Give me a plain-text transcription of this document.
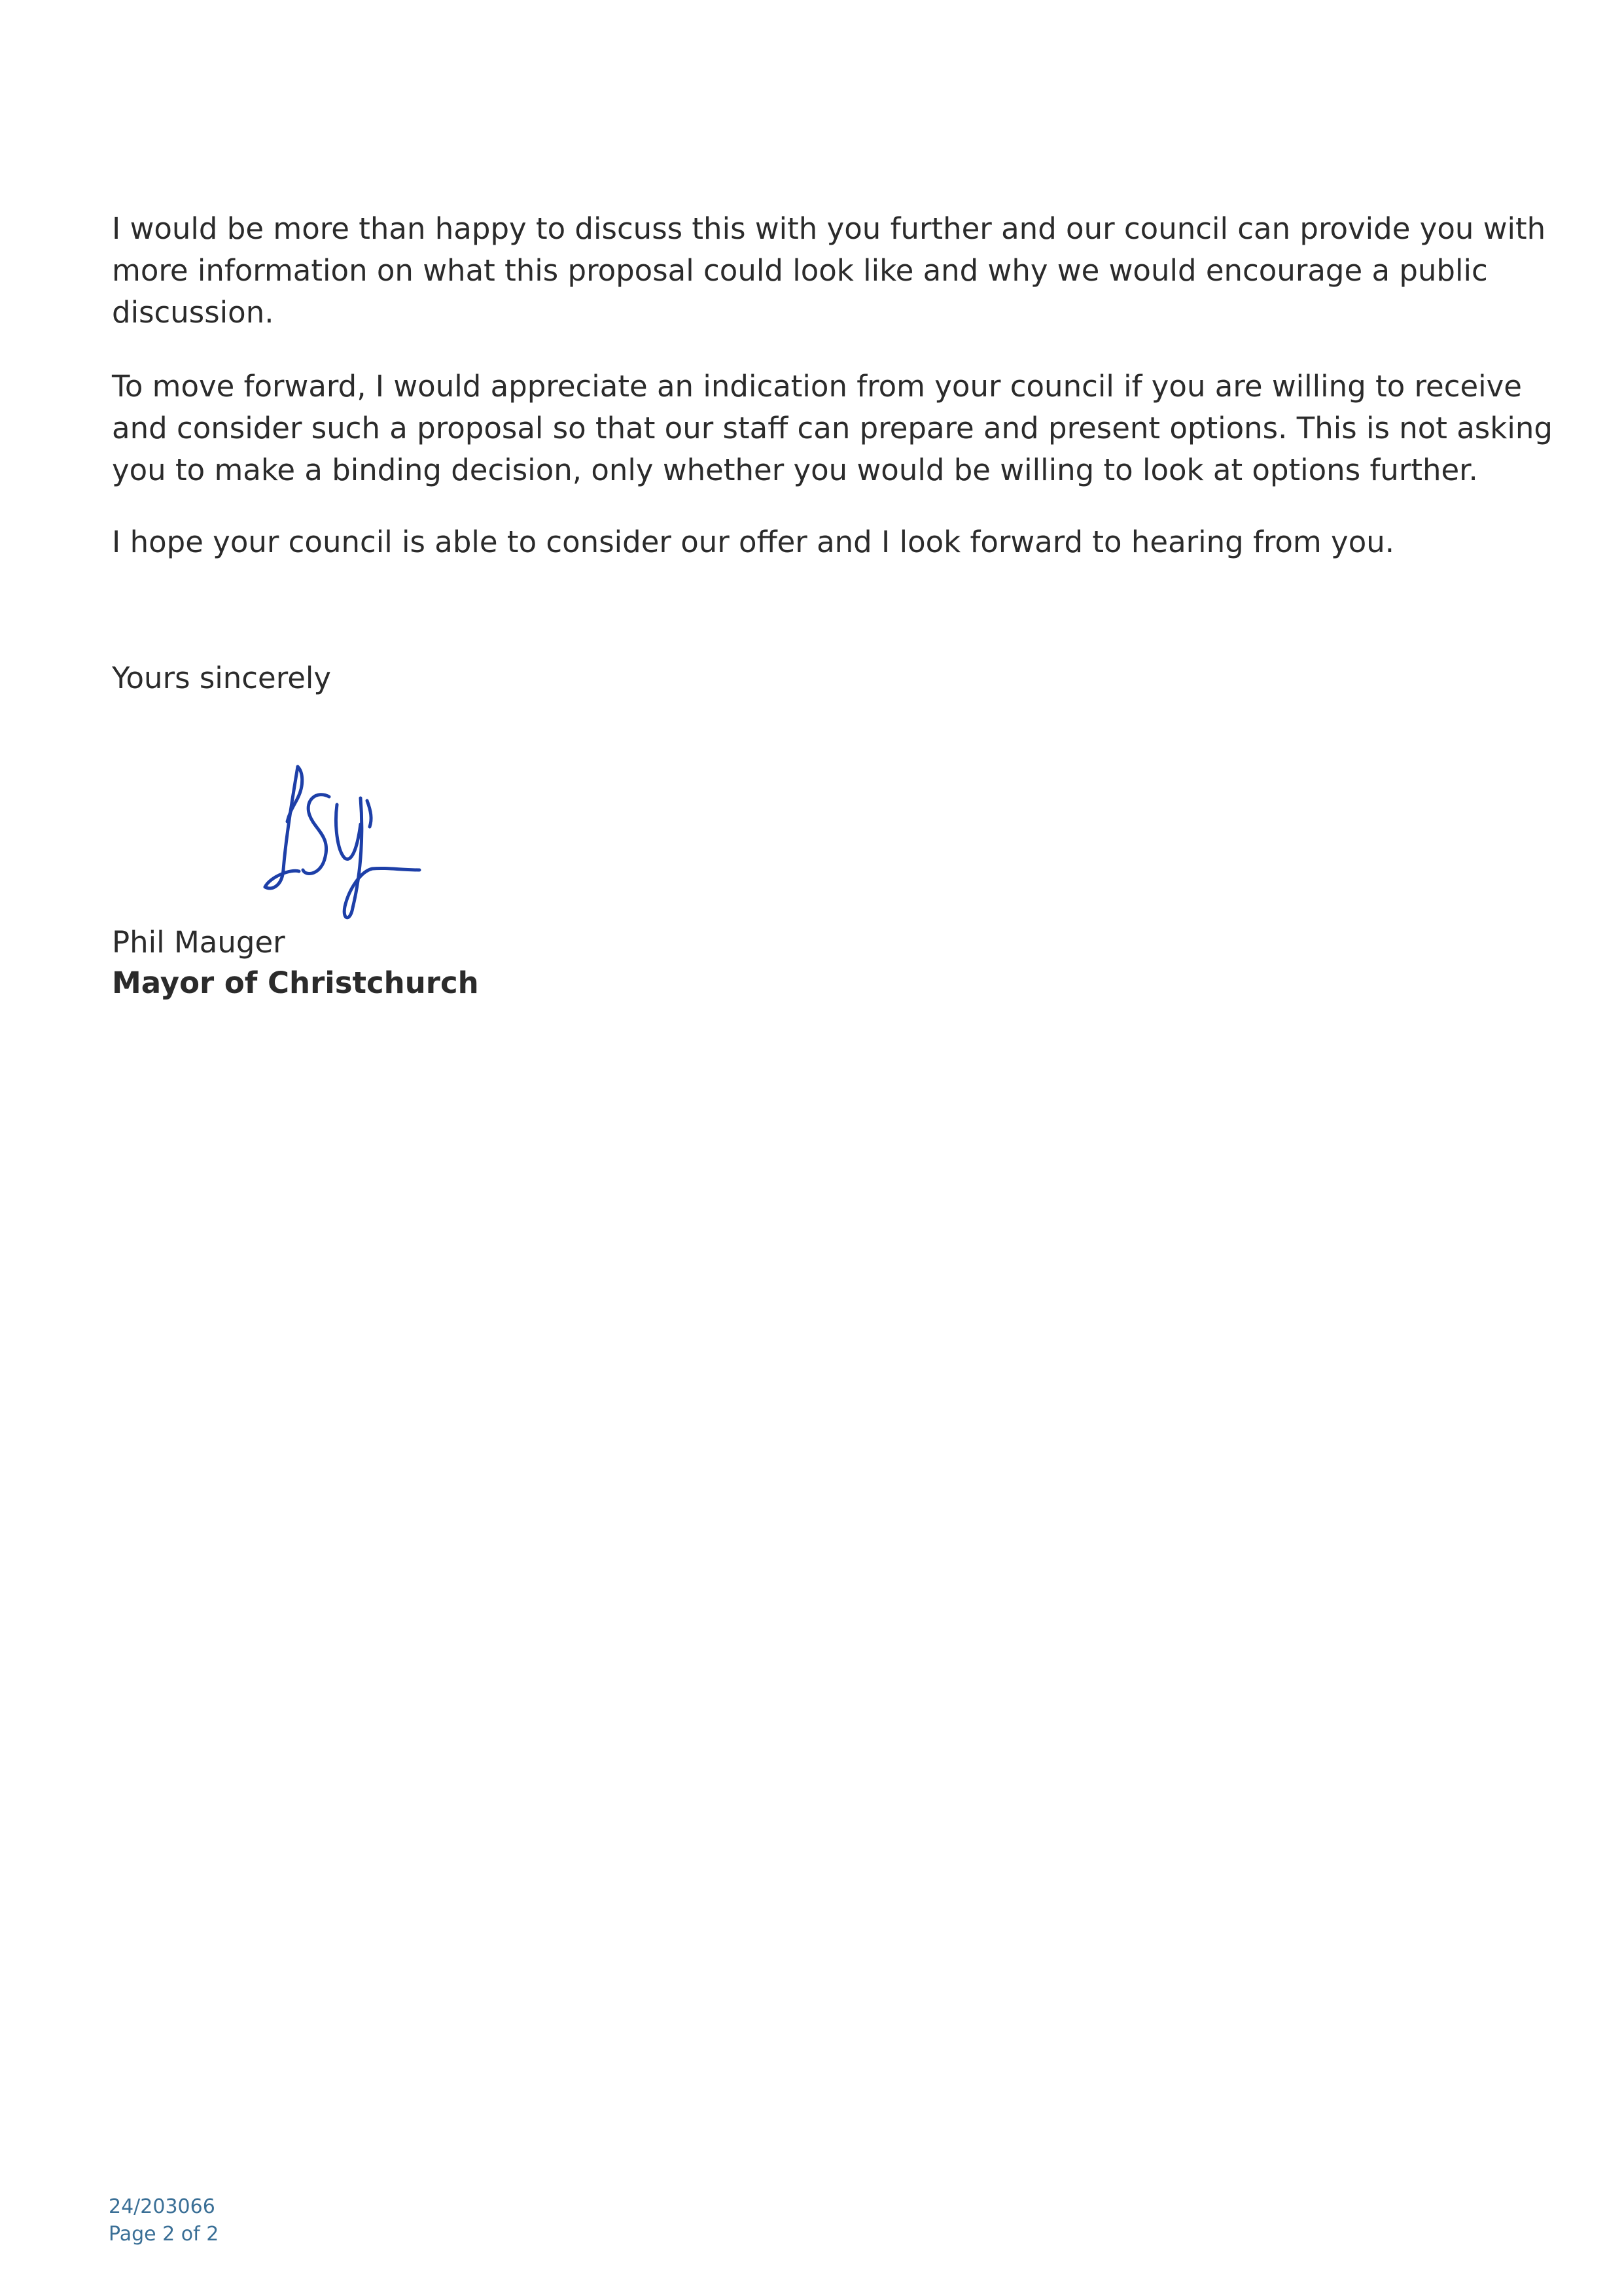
I would be more than happy to discuss this with you further and our council can provide you with
more information on what this proposal could look like and why we would encourage a public
discussion.

To move forward, I would appreciate an indication from your council if you are willing to receive
and consider such a proposal so that our staff can prepare and present options. This is not asking
you to make a binding decision, only whether you would be willing to look at options further.

I hope your council is able to consider our offer and I look forward to hearing from you.

Yours sincerely

Phil Mauger

Mayor of Christchurch

24/203066

Page 2 of 2
